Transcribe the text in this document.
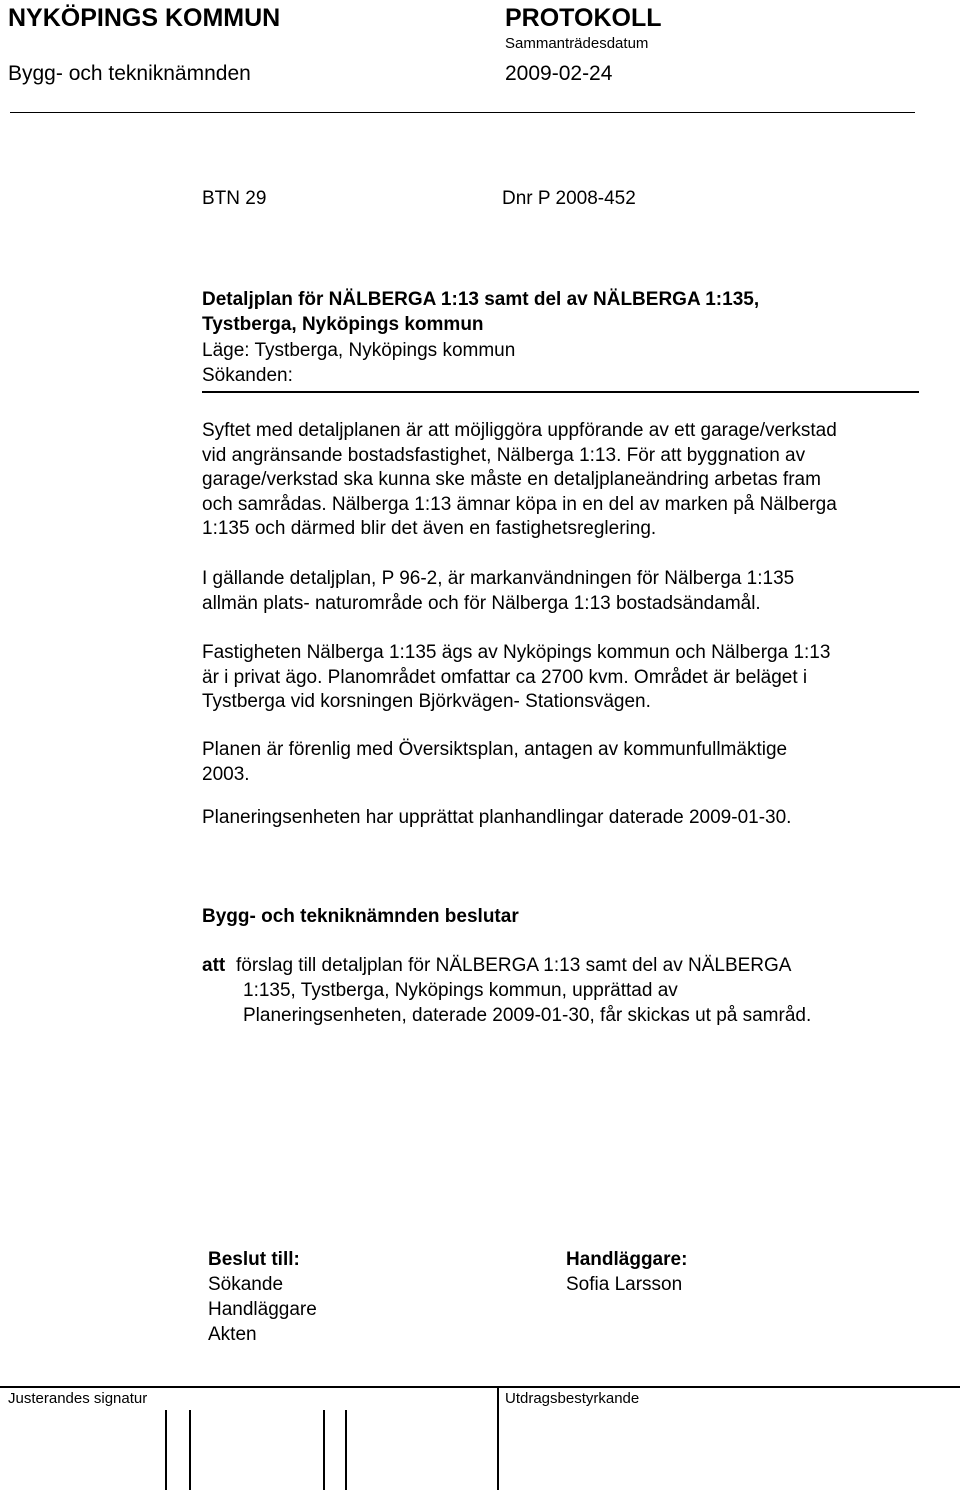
NYKÖPINGS KOMMUN	PROTOKOLL
Sammanträdesdatum
Bygg- och tekniknämnden	2009-02-24
BTN 29	Dnr P 2008-452
Detaljplan för NÄLBERGA 1:13 samt del av NÄLBERGA 1:135,
Tystberga, Nyköpings kommun
Läge: Tystberga, Nyköpings kommun
Sökanden:
Syftet med detaljplanen är att möjliggöra uppförande av ett garage/verkstad
vid angränsande bostadsfastighet, Nälberga 1:13. För att byggnation av
garage/verkstad ska kunna ske måste en detaljplaneändring arbetas fram
och samrådas. Nälberga 1:13 ämnar köpa in en del av marken på Nälberga
1:135 och därmed blir det även en fastighetsreglering.
I gällande detaljplan, P 96-2, är markanvändningen för Nälberga 1:135
allmän plats- naturområde och för Nälberga 1:13 bostadsändamål.
Fastigheten Nälberga 1:135 ägs av Nyköpings kommun och Nälberga 1:13
är i privat ägo. Planområdet omfattar ca 2700 kvm. Området är beläget i
Tystberga vid korsningen Björkvägen- Stationsvägen.
Planen är förenlig med Översiktsplan, antagen av kommunfullmäktige
2003.
Planeringsenheten har upprättat planhandlingar daterade 2009-01-30.
Bygg- och tekniknämnden beslutar
att förslag till detaljplan för NÄLBERGA 1:13 samt del av NÄLBERGA
1:135, Tystberga, Nyköpings kommun, upprättad av
Planeringsenheten, daterade 2009-01-30, får skickas ut på samråd.
Beslut till:
Sökande
Handläggare
Akten
Handläggare:
Sofia Larsson
Justerandes signatur	Utdragsbestyrkande
